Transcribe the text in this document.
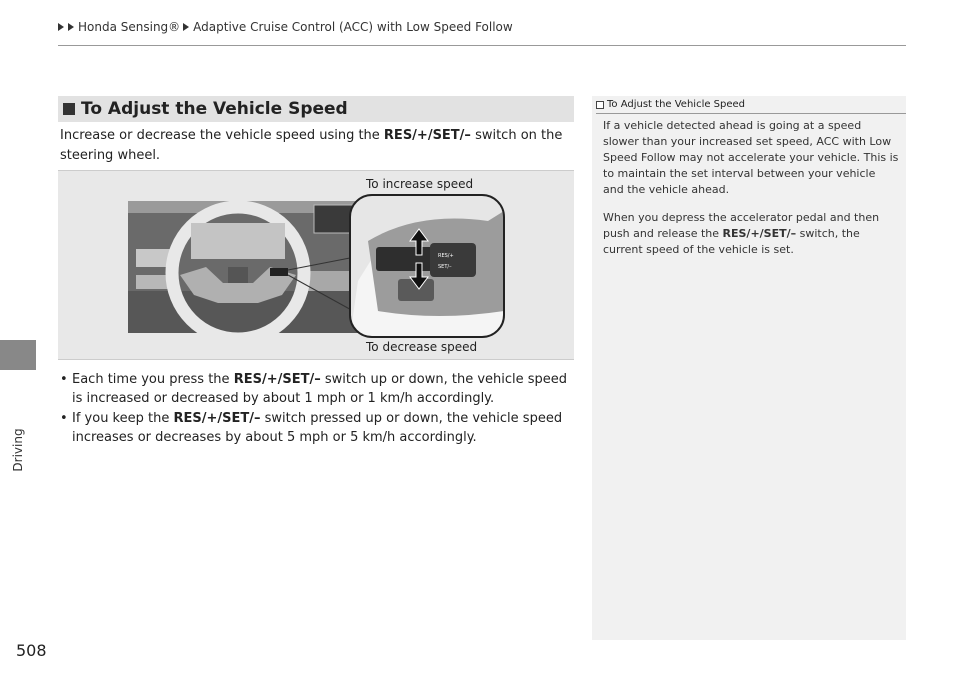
Honda Sensing® Adaptive Cruise Control (ACC) with Low Speed Follow
Driving
508
To Adjust the Vehicle Speed

Increase or decrease the vehicle speed using the RES/+/SET/– switch on the steering wheel.

RES/+
SET/–
To increase speed
To decrease speed
• Each time you press the RES/+/SET/– switch up or down, the vehicle speed is increased or decreased by about 1 mph or 1 km/h accordingly.
• If you keep the RES/+/SET/– switch pressed up or down, the vehicle speed increases or decreases by about 5 mph or 5 km/h accordingly.
To Adjust the Vehicle Speed

If a vehicle detected ahead is going at a speed slower than your increased set speed, ACC with Low Speed Follow may not accelerate your vehicle. This is to maintain the set interval between your vehicle and the vehicle ahead.

When you depress the accelerator pedal and then push and release the RES/+/SET/– switch, the current speed of the vehicle is set.
